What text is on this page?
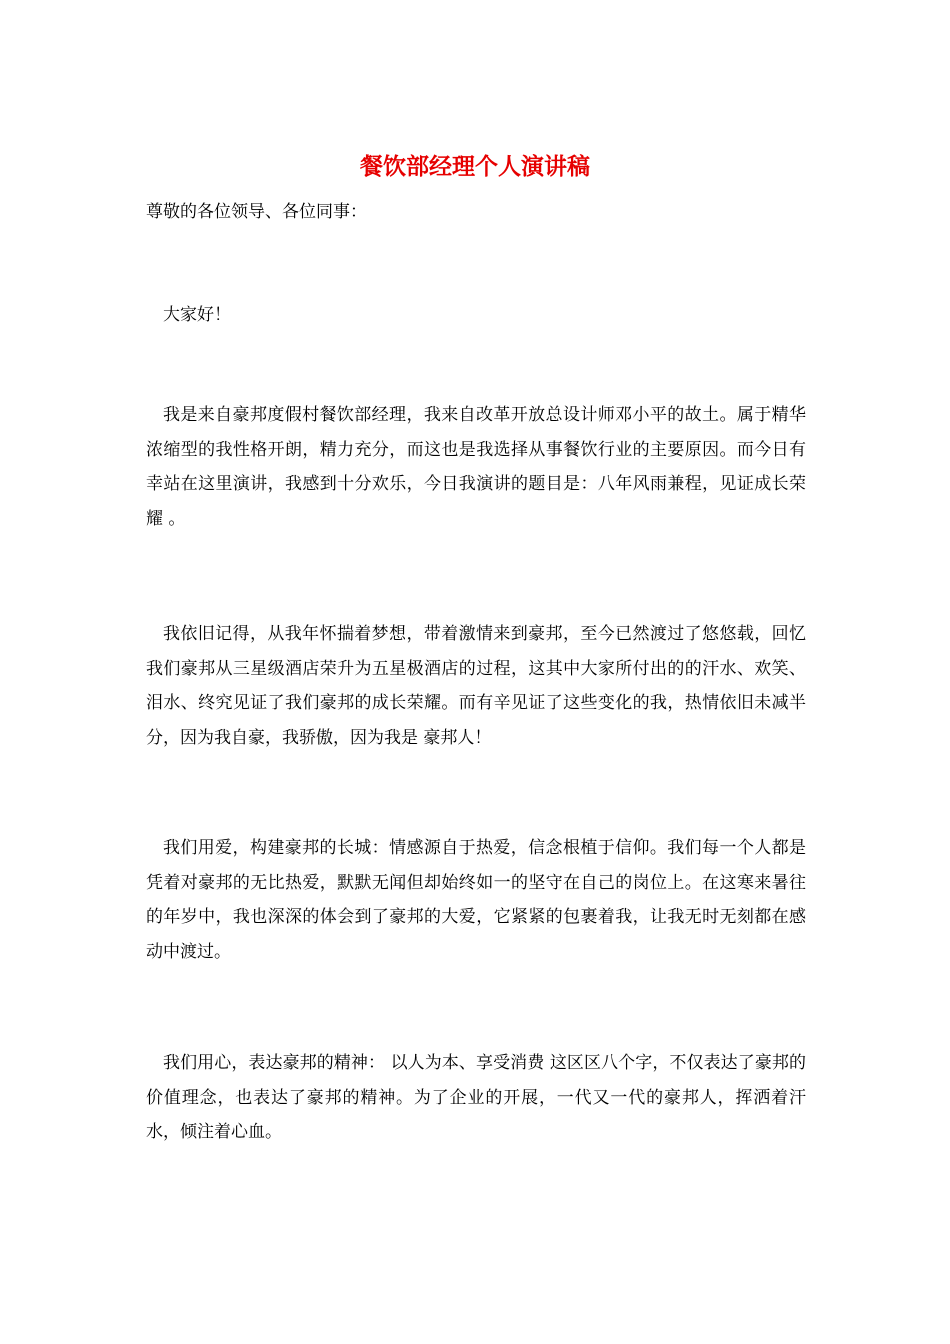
餐饮部经理个人演讲稿

尊敬的各位领导、各位同事：

大家好！

我是来自豪邦度假村餐饮部经理，我来自改革开放总设计师邓小平的故土。属于精华浓缩型的我性格开朗，精力充分，而这也是我选择从事餐饮行业的主要原因。而今日有幸站在这里演讲，我感到十分欢乐，今日我演讲的题目是：八年风雨兼程，见证成长荣耀 。

我依旧记得，从我年怀揣着梦想，带着激情来到豪邦，至今已然渡过了悠悠载，回忆我们豪邦从三星级酒店荣升为五星极酒店的过程，这其中大家所付出的的汗水、欢笑、泪水、终究见证了我们豪邦的成长荣耀。而有辛见证了这些变化的我，热情依旧未减半分，因为我自豪，我骄傲，因为我是 豪邦人！

我们用爱，构建豪邦的长城：情感源自于热爱，信念根植于信仰。我们每一个人都是凭着对豪邦的无比热爱，默默无闻但却始终如一的坚守在自己的岗位上。在这寒来暑往的年岁中，我也深深的体会到了豪邦的大爱，它紧紧的包裹着我，让我无时无刻都在感动中渡过。

我们用心，表达豪邦的精神： 以人为本、享受消费 这区区八个字，不仅表达了豪邦的价值理念，也表达了豪邦的精神。为了企业的开展，一代又一代的豪邦人，挥洒着汗水，倾注着心血。
